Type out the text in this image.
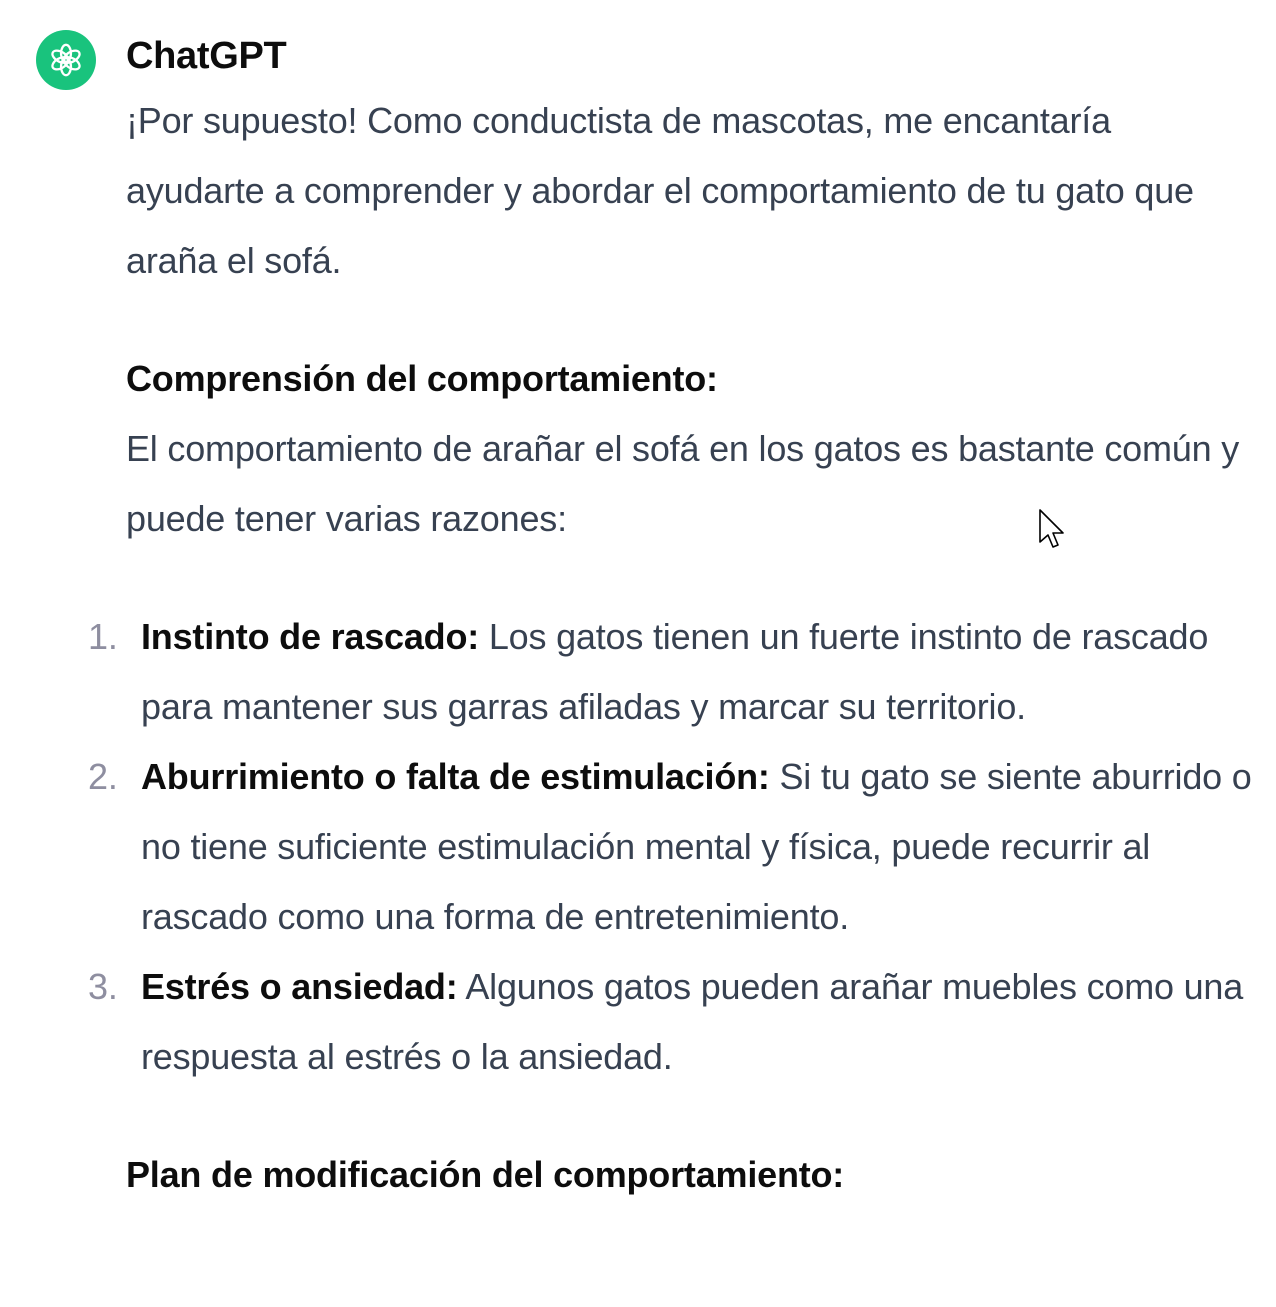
ChatGPT

¡Por supuesto! Como conductista de mascotas, me encantaría ayudarte a comprender y abordar el comportamiento de tu gato que araña el sofá.

Comprensión del comportamiento:

El comportamiento de arañar el sofá en los gatos es bastante común y puede tener varias razones:

1. Instinto de rascado: Los gatos tienen un fuerte instinto de rascado para mantener sus garras afiladas y marcar su territorio.
2. Aburrimiento o falta de estimulación: Si tu gato se siente aburrido o no tiene suficiente estimulación mental y física, puede recurrir al rascado como una forma de entretenimiento.
3. Estrés o ansiedad: Algunos gatos pueden arañar muebles como una respuesta al estrés o la ansiedad.

Plan de modificación del comportamiento:
